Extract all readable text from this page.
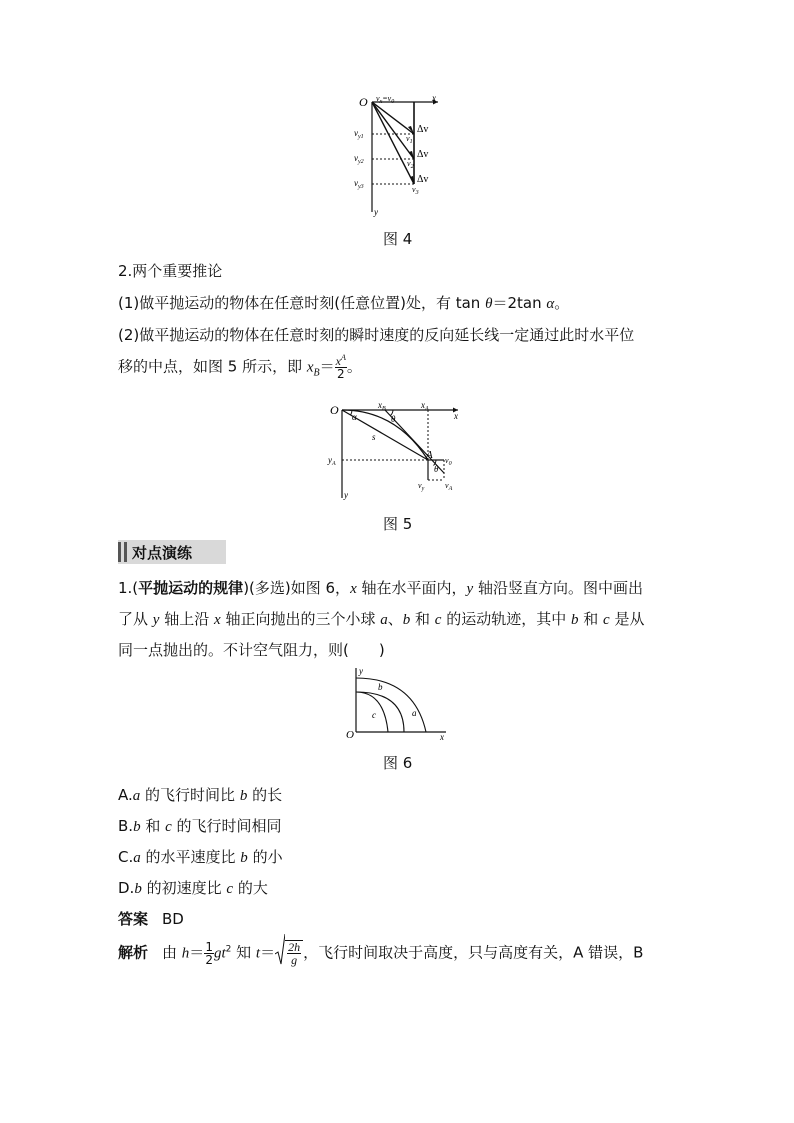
O $v_x=v_0$	x
y
$v_{y1}$
$v_{y2}$
$v_{y3}$
$v_1$
$v_2$
$v_3$
Δv
Δv
Δv
图 4
2.两个重要推论
(1)做平抛运动的物体在任意时刻(任意位置)处，有 tan θ＝2tan α。
(2)做平抛运动的物体在任意时刻的瞬时速度的反向延长线一定通过此时水平位
移的中点，如图 5 所示，即 $x_B= \frac{x^A}{2}$ 。
O α	θ
θ
s
$x_B$	$x_A$
x
y
$y_A$
A $v_0$
$v_y$	$v_A$
图 5
对点演练
1.(平抛运动的规律)(多选)如图 6，x 轴在水平面内，y 轴沿竖直方向。图中画出
了从 y 轴上沿 x 轴正向抛出的三个小球 a、b 和 c 的运动轨迹，其中 b 和 c 是从
同一点抛出的。不计空气阻力，则(　　)
O	x
y
a
b
c
图 6
A.a 的飞行时间比 b 的长
B.b 和 c 的飞行时间相同
C.a 的水平速度比 b 的小
D.b 的初速度比 c 的大
答案 BD
解析 由 $h= \frac{1}{2} gt^2$ 知 $t= \frac{2h}{g}$ ，飞行时间取决于高度，只与高度有关，A 错误，B
